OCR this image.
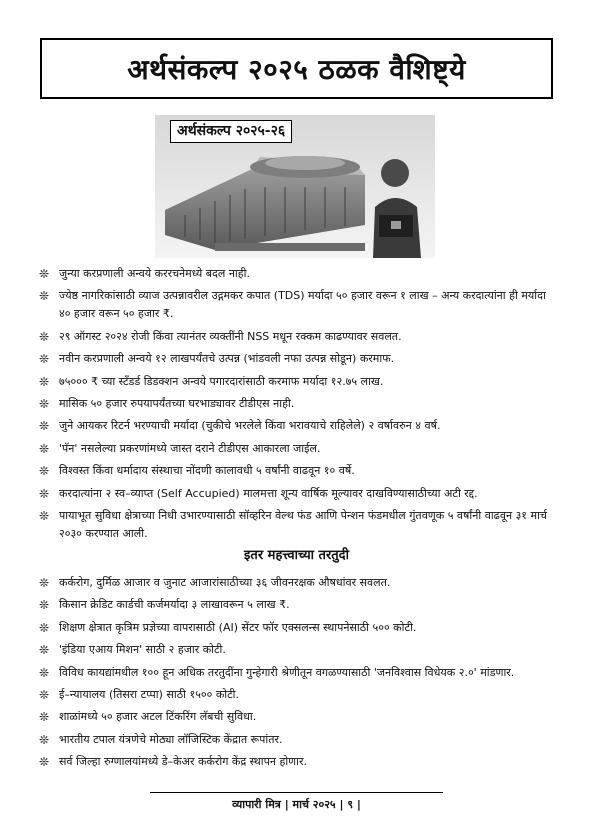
अर्थसंकल्प २०२५ ठळक वैशिष्ट्ये
अर्थसंकल्प २०२५-२६
❊ जुन्या करप्रणाली अन्वये कररचनेमध्ये बदल नाही.
❊ ज्येष्ठ नागरिकांसाठी व्याज उत्पन्नावरील उद्गमकर कपात (TDS) मर्यादा ५० हजार वरून १ लाख – अन्य करदात्यांना ही मर्यादा ४० हजार वरून ५० हजार ₹.
❊ २९ ऑगस्ट २०२४ रोजी किंवा त्यानंतर व्यक्तींनी NSS मधून रक्कम काढण्यावर सवलत.
❊ नवीन करप्रणाली अन्वये १२ लाखपर्यंतचे उत्पन्न (भांडवली नफा उत्पन्न सोडून) करमाफ.
❊ ७५००० ₹ च्या स्टँडर्ड डिडक्शन अन्वये पगारदारांसाठी करमाफ मर्यादा १२.७५ लाख.
❊ मासिक ५० हजार रुपयापर्यंतच्या घरभाड्यावर टीडीएस नाही.
❊ जुने आयकर रिटर्न भरण्याची मर्यादा (चुकीचे भरलेले किंवा भरावयाचे राहिलेले) २ वर्षावरुन ४ वर्ष.
❊ 'पॅन' नसलेल्या प्रकरणांमध्ये जास्त दराने टीडीएस आकारला जाईल.
❊ विश्वस्त किंवा धर्मादाय संस्थाचा नोंदणी कालावधी ५ वर्षांनी वाढवून १० वर्षे.
❊ करदात्यांना २ स्व–व्याप्त (Self Accupied) मालमत्ता शून्य वार्षिक मूल्यावर दाखविण्यासाठीच्या अटी रद्द.
❊ पायाभूत सुविधा क्षेत्राच्या निधी उभारण्यासाठी सॉव्हरिन वेल्थ फंड आणि पेन्शन फंडमधील गुंतवणूक ५ वर्षांनी वाढवून ३१ मार्च २०३० करण्यात आली.
इतर महत्त्वाच्या तरतुदी
❊ कर्करोग, दुर्मिळ आजार व जुनाट आजारांसाठीच्या ३६ जीवनरक्षक औषधांवर सवलत.
❊ किसान क्रेडिट कार्डची कर्जमर्यादा ३ लाखावरून ५ लाख ₹.
❊ शिक्षण क्षेत्रात कृत्रिम प्रज्ञेच्या वापरासाठी (AI) सेंटर फॉर एक्सलन्स स्थापनेसाठी ५०० कोटी.
❊ 'इंडिया एआय मिशन' साठी २ हजार कोटी.
❊ विविध कायद्यांमधील १०० हून अधिक तरतुदींना गुन्हेगारी श्रेणीतून वगळण्यासाठी 'जनविश्वास विधेयक २.०' मांडणार.
❊ ई–न्यायालय (तिसरा टप्पा) साठी १५०० कोटी.
❊ शाळांमध्ये ५० हजार अटल टिंकरिंग लॅबची सुविधा.
❊ भारतीय टपाल यंत्रणेचे मोठ्या लॉजिस्टिक केंद्रात रूपांतर.
❊ सर्व जिल्हा रुग्णालयांमध्ये डे–केअर कर्करोग केंद्र स्थापन होणार.
व्यापारी मित्र | मार्च २०२५ | ९ |
